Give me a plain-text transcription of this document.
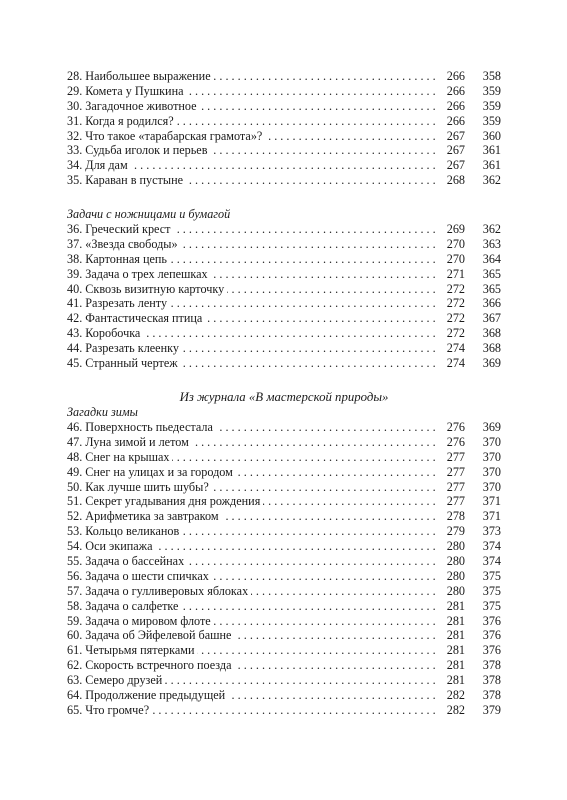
28. Наибольшее выражение . . .	266	358
29. Комета у Пушкина . . .	266	359
30. Загадочное животное . . .	266	359
31. Когда я родился? . . .	266	359
32. Что такое «тарабарская грамота»? . . .	267	360
33. Судьба иголок и перьев . . .	267	361
34. Для дам . . .	267	361
35. Караван в пустыне . . .	268	362
Задачи с ножницами и бумагой
36. Греческий крест . . .	269	362
37. «Звезда свободы» . . .	270	363
38. Картонная цепь . . .	270	364
39. Задача о трех лепешках . . .	271	365
40. Сквозь визитную карточку . . .	272	365
41. Разрезать ленту . . .	272	366
42. Фантастическая птица . . .	272	367
43. Коробочка . . .	272	368
44. Разрезать клеенку . . .	274	368
45. Странный чертеж . . .	274	369
Из журнала «В мастерской природы»
Загадки зимы
46. Поверхность пьедестала . . .	276	369
47. Луна зимой и летом . . .	276	370
48. Снег на крышах . . .	277	370
49. Снег на улицах и за городом . . .	277	370
50. Как лучше шить шубы? . . .	277	370
51. Секрет угадывания дня рождения . . .	277	371
52. Арифметика за завтраком . . .	278	371
53. Кольцо великанов . . .	279	373
54. Оси экипажа . . .	280	374
55. Задача о бассейнах . . .	280	374
56. Задача о шести спичках . . .	280	375
57. Задача о гулливеровых яблоках . . .	280	375
58. Задача о салфетке . . .	281	375
59. Задача о мировом флоте . . .	281	376
60. Задача об Эйфелевой башне . . .	281	376
61. Четырьмя пятерками . . .	281	376
62. Скорость встречного поезда . . .	281	378
63. Семеро друзей . . .	281	378
64. Продолжение предыдущей . . .	282	378
65. Что громче? . . .	282	379
